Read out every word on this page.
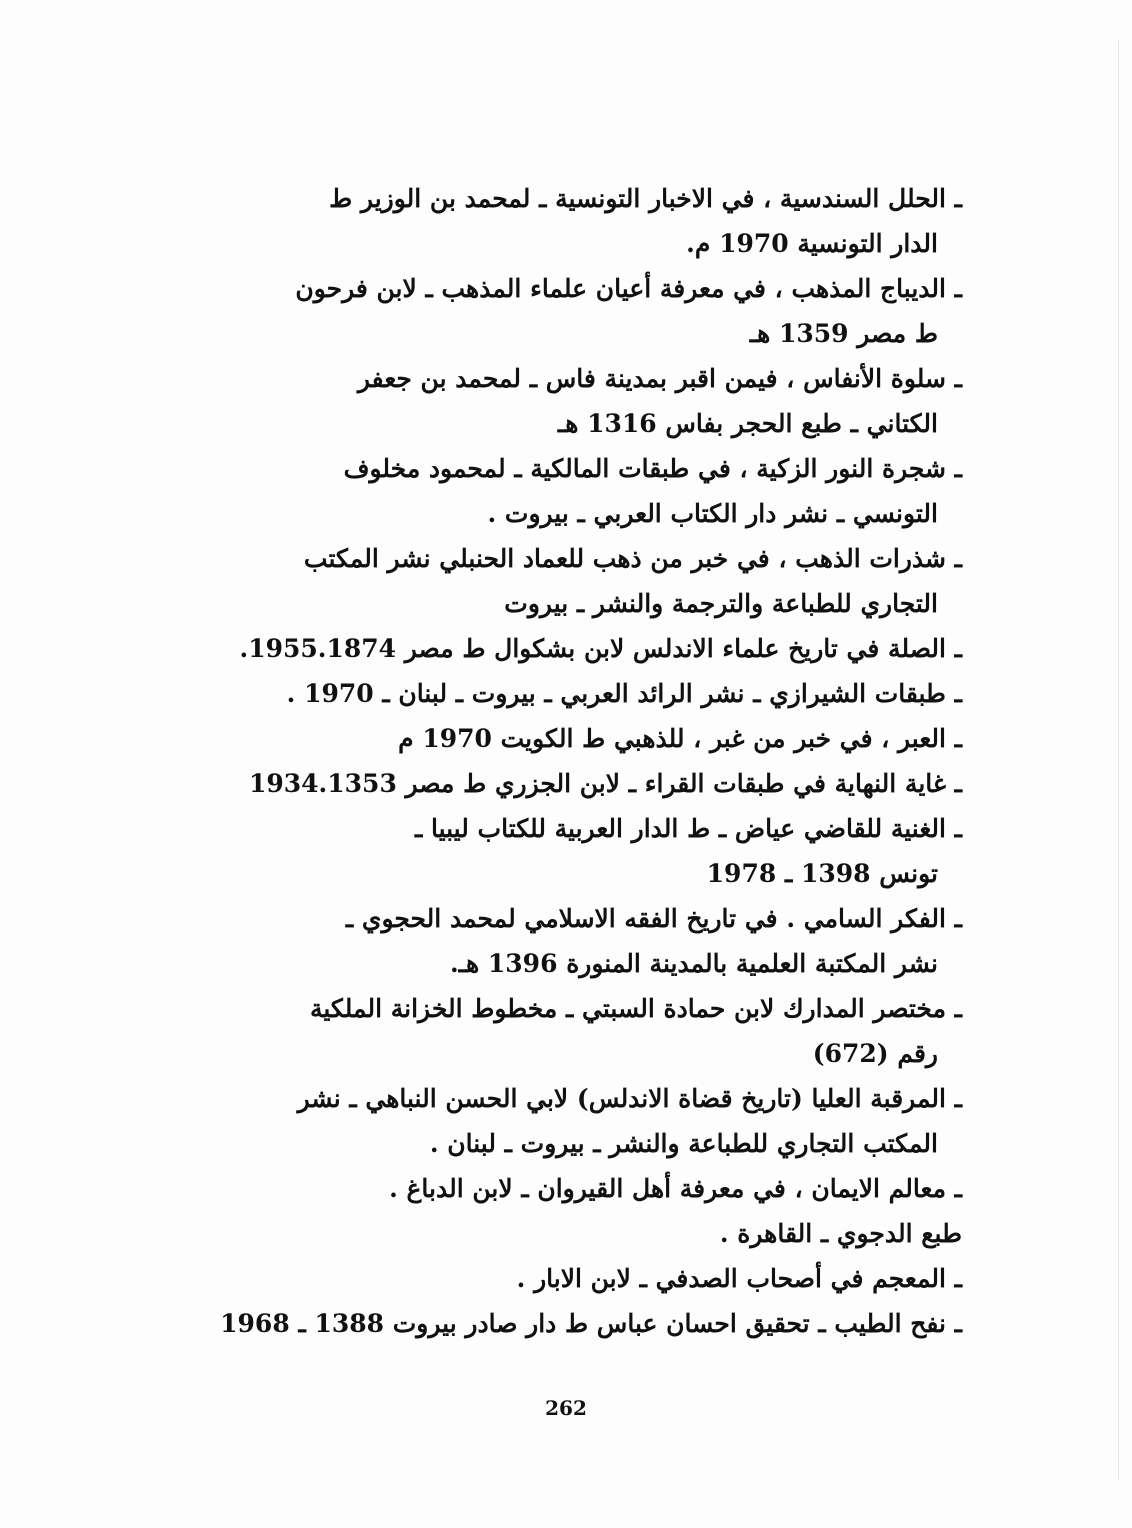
ـ الحلل السندسية ، في الاخبار التونسية ـ لمحمد بن الوزير ط
الدار التونسية 1970 م.
ـ الديباج المذهب ، في معرفة أعيان علماء المذهب ـ لابن فرحون
ط مصر 1359 هـ
ـ سلوة الأنفاس ، فيمن اقبر بمدينة فاس ـ لمحمد بن جعفر
الكتاني ـ طبع الحجر بفاس 1316 هـ
ـ شجرة النور الزكية ، في طبقات المالكية ـ لمحمود مخلوف
التونسي ـ نشر دار الكتاب العربي ـ بيروت .
ـ شذرات الذهب ، في خبر من ذهب للعماد الحنبلي نشر المكتب
التجاري للطباعة والترجمة والنشر ـ بيروت
ـ الصلة في تاريخ علماء الاندلس لابن بشكوال ط مصر 1955.1874.
ـ طبقات الشيرازي ـ نشر الرائد العربي ـ بيروت ـ لبنان ـ 1970 .
ـ العبر ، في خبر من غبر ، للذهبي ط الكويت 1970 م
ـ غاية النهاية في طبقات القراء ـ لابن الجزري ط مصر 1934.1353
ـ الغنية للقاضي عياض ـ ط الدار العربية للكتاب ليبيا ـ
تونس 1398 ـ 1978
ـ الفكر السامي . في تاريخ الفقه الاسلامي لمحمد الحجوي ـ
نشر المكتبة العلمية بالمدينة المنورة 1396 هـ.
ـ مختصر المدارك لابن حمادة السبتي ـ مخطوط الخزانة الملكية
رقم (672)
ـ المرقبة العليا (تاريخ قضاة الاندلس) لابي الحسن النباهي ـ نشر
المكتب التجاري للطباعة والنشر ـ بيروت ـ لبنان .
ـ معالم الايمان ، في معرفة أهل القيروان ـ لابن الدباغ .
طبع الدجوي ـ القاهرة .
ـ المعجم في أصحاب الصدفي ـ لابن الابار .
ـ نفح الطيب ـ تحقيق احسان عباس ط دار صادر بيروت 1388 ـ 1968
262
